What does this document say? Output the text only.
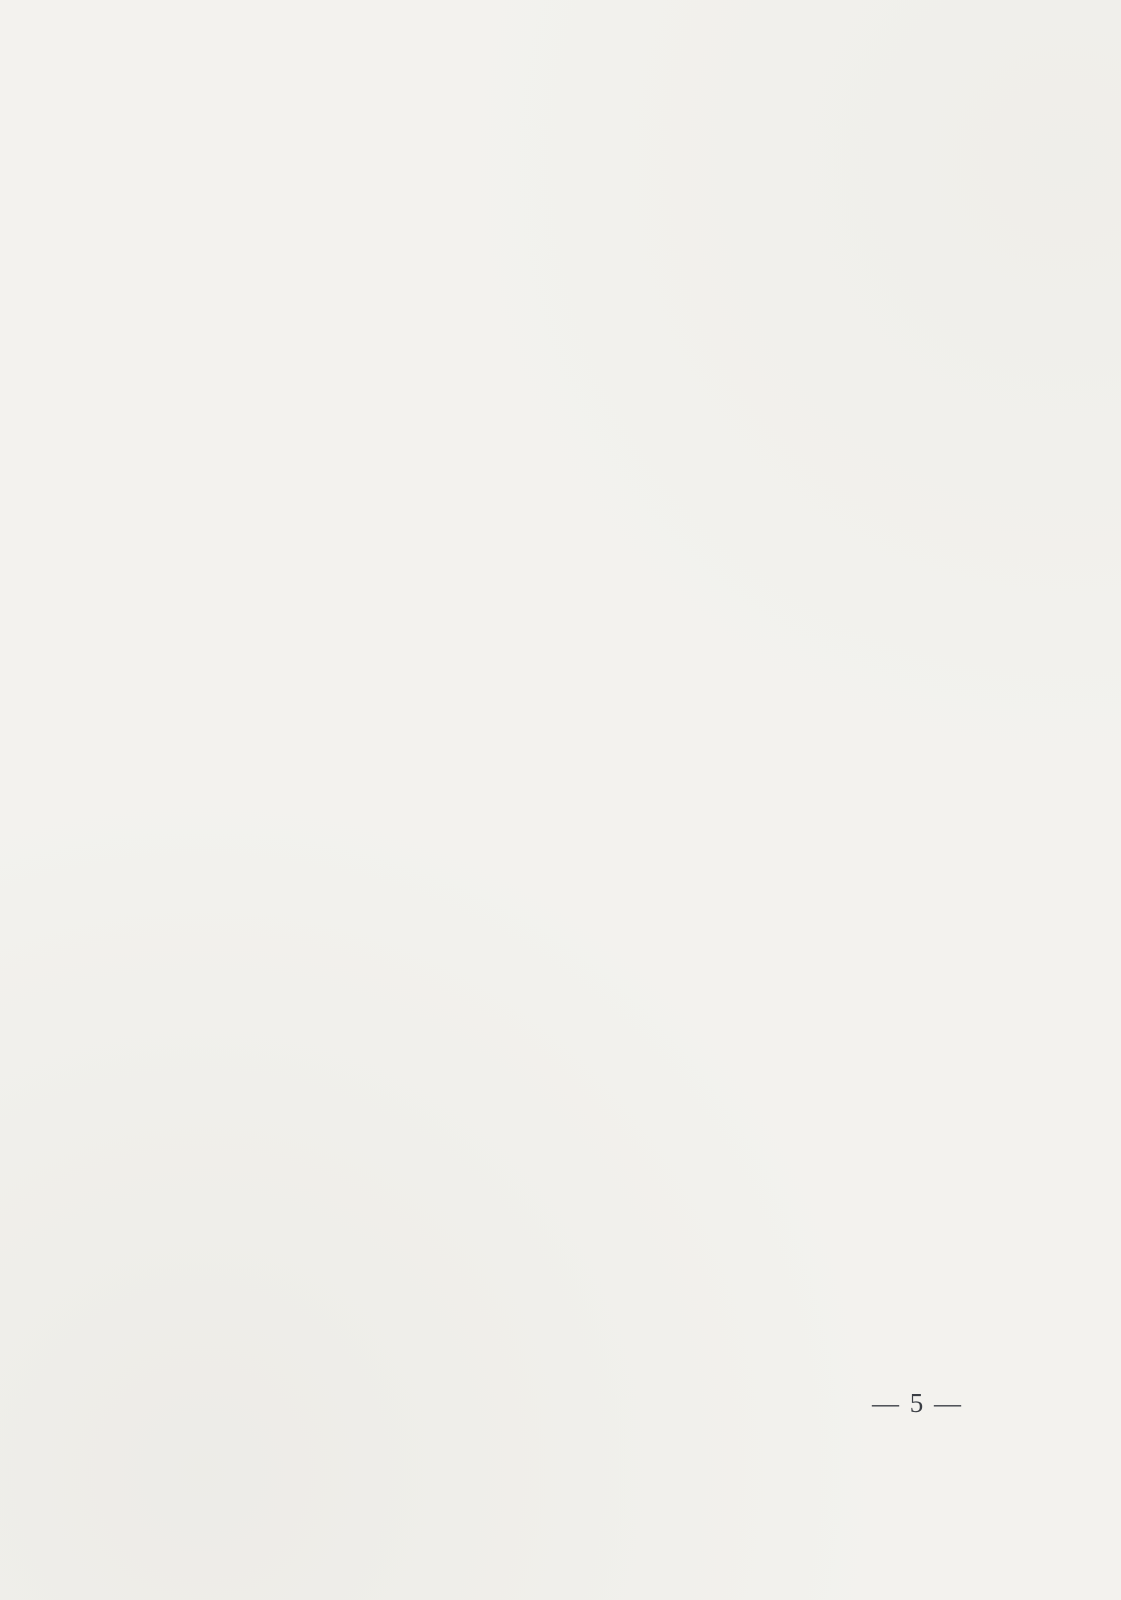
— 5 —
